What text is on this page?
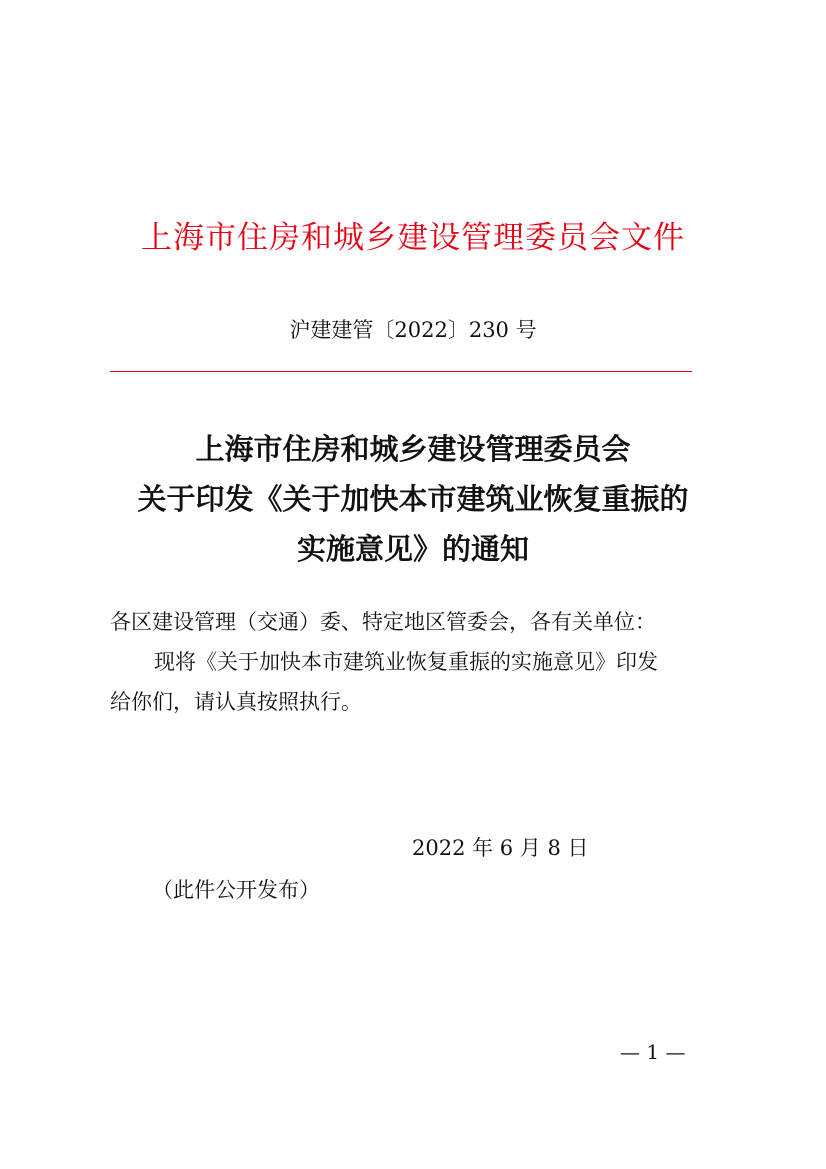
上海市住房和城乡建设管理委员会文件
沪建建管〔2022〕230 号
上海市住房和城乡建设管理委员会
关于印发《关于加快本市建筑业恢复重振的
实施意见》的通知

各区建设管理（交通）委、特定地区管委会，各有关单位：

现将《关于加快本市建筑业恢复重振的实施意见》印发

给你们，请认真按照执行。

2022 年 6 月 8 日
（此件公开发布）
— 1 —
